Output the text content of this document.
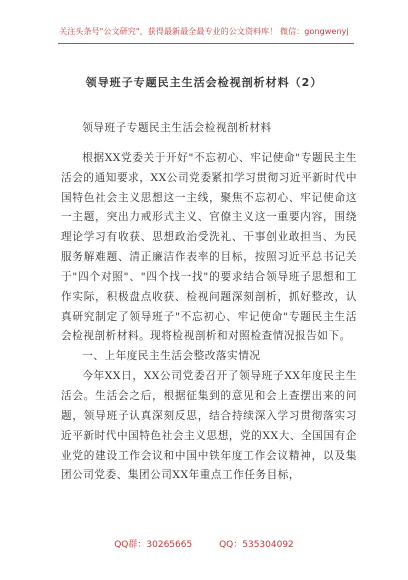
关注头条号"公文研究"，获得最新最全最专业的公文资料库！ 微信：gongwenyj
领导班子专题民主生活会检视剖析材料（2）

领导班子专题民主生活会检视剖析材料

根据XX党委关于开好"不忘初心、牢记使命"专题民主生活会的通知要求，XX公司党委紧扣学习贯彻习近平新时代中国特色社会主义思想这一主线，聚焦不忘初心、牢记使命这一主题，突出力戒形式主义、官僚主义这一重要内容，围绕理论学习有收获、思想政治受洗礼、干事创业敢担当、为民服务解难题、清正廉洁作表率的目标，按照习近平总书记关于"四个对照"、"四个找一找"的要求结合领导班子思想和工作实际，积极盘点收获、检视问题深刻剖析，抓好整改，认真研究制定了领导班子"不忘初心、牢记使命"专题民主生活会检视剖析材料。现将检视剖析和对照检查情况报告如下。

一、上年度民主生活会整改落实情况

今年XX日，XX公司党委召开了领导班子XX年度民主生活会。生活会之后，根据征集到的意见和会上查摆出来的问题，领导班子认真深刻反思，结合持续深入学习贯彻落实习近平新时代中国特色社会主义思想，党的XX大、全国国有企业党的建设工作会议和中国中铁年度工作会议精神，以及集团公司党委、集团公司XX年重点工作任务目标，

QQ群：30265665	QQ：535304092
